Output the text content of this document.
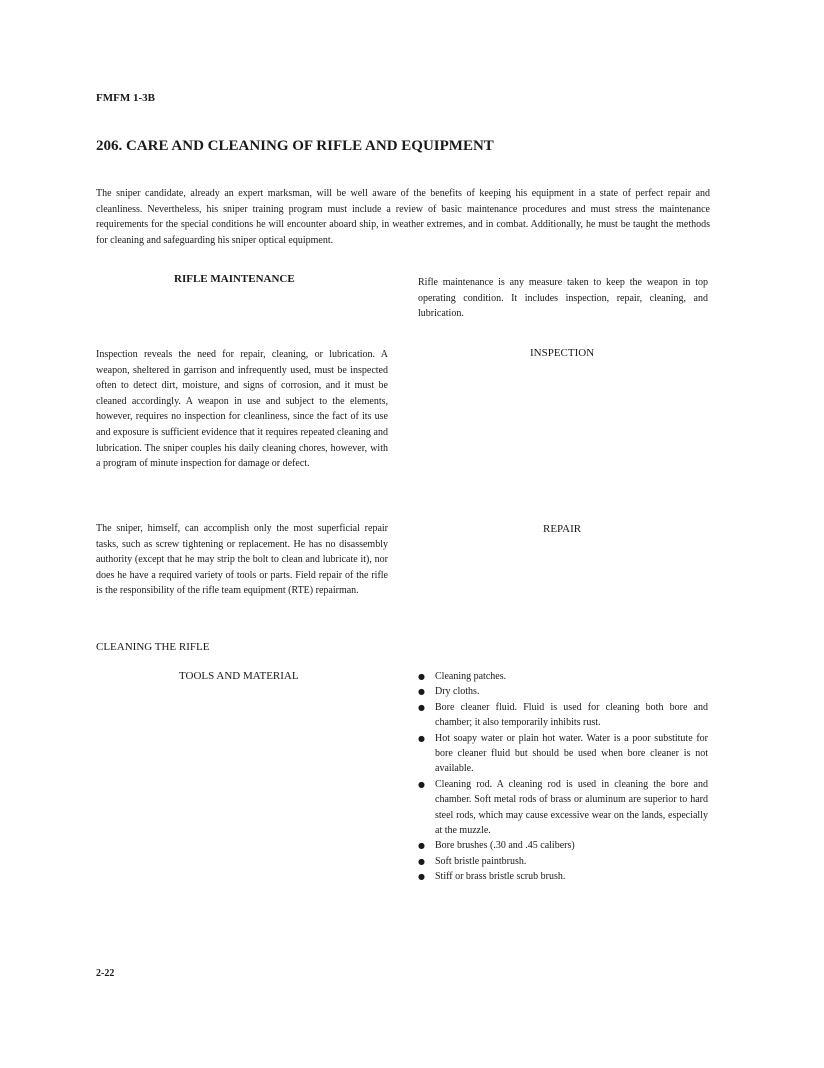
FMFM 1-3B
206. CARE AND CLEANING OF RIFLE AND EQUIPMENT
The sniper candidate, already an expert marksman, will be well aware of the benefits of keeping his equipment in a state of perfect repair and cleanliness. Nevertheless, his sniper training program must include a review of basic maintenance procedures and must stress the maintenance requirements for the special conditions he will encounter aboard ship, in weather extremes, and in combat. Additionally, he must be taught the methods for cleaning and safeguarding his sniper optical equipment.
RIFLE MAINTENANCE	Rifle maintenance is any measure taken to keep the weapon in top operating condition. It includes inspection, repair, cleaning, and lubrication.
Inspection reveals the need for repair, cleaning, or lubrication. A weapon, sheltered in garrison and infrequently used, must be inspected often to detect dirt, moisture, and signs of corrosion, and it must be cleaned accordingly. A weapon in use and subject to the elements, however, requires no inspection for cleanliness, since the fact of its use and exposure is sufficient evidence that it requires repeated cleaning and lubrication. The sniper couples his daily cleaning chores, however, with a program of minute inspection for damage or defect.
INSPECTION
The sniper, himself, can accomplish only the most superficial repair tasks, such as screw tightening or replacement. He has no disassembly authority (except that he may strip the bolt to clean and lubricate it), nor does he have a required variety of tools or parts. Field repair of the rifle is the responsibility of the rifle team equipment (RTE) repairman.
REPAIR
CLEANING THE RIFLE
TOOLS AND MATERIAL
●	Cleaning patches.
● Dry cloths.
● Bore cleaner fluid. Fluid is used for cleaning both bore and chamber; it also temporarily inhibits rust.
● Hot soapy water or plain hot water. Water is a poor substitute for bore cleaner fluid but should be used when bore cleaner is not available.
● Cleaning rod. A cleaning rod is used in cleaning the bore and chamber. Soft metal rods of brass or aluminum are superior to hard steel rods, which may cause excessive wear on the lands, especially at the muzzle.
● Bore brushes (.30 and .45 calibers)
● Soft bristle paintbrush.
● Stiff or brass bristle scrub brush.
2-22
